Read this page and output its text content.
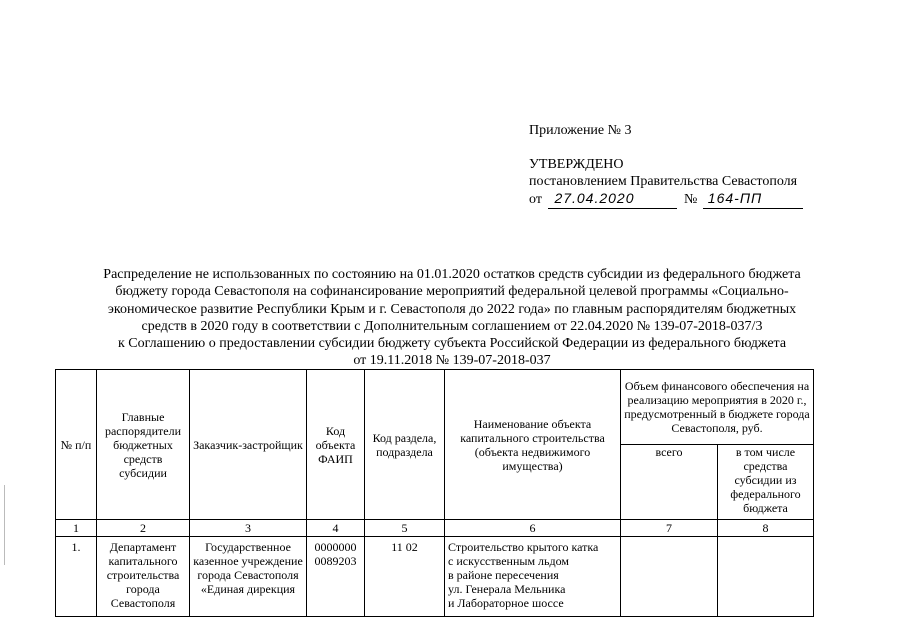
Приложение № 3
УТВЕРЖДЕНО
постановлением Правительства Севастополя
от 27.04.2020	№ 164-ПП
Распределение не использованных по состоянию на 01.01.2020 остатков средств субсидии из федерального бюджета
бюджету города Севастополя на софинансирование мероприятий федеральной целевой программы «Социально-
экономическое развитие Республики Крым и г. Севастополя до 2022 года» по главным распорядителям бюджетных
средств в 2020 году в соответствии с Дополнительным соглашением от 22.04.2020 № 139-07-2018-037/3
к Соглашению о предоставлении субсидии бюджету субъекта Российской Федерации из федерального бюджета
от 19.11.2018 № 139-07-2018-037
№ п/п	Главные распорядители бюджетных средств субсидии	Заказчик-застройщик	Код объекта ФАИП	Код раздела, подразделa	Наименование объекта капитального строительства (объекта недвижимого имущества)	Объем финансового обеспечения на реализацию мероприятия в 2020 г., предусмотренный в бюджете города Севастополя, руб.	
						всего	в том числе средства субсидии из федерального бюджета
1	2	3	4	5	6	7	8
1.	Департамент капитального строительства города Севастополя	Государственное казенное учреждение города Севастополя «Единая дирекция	0000000 0089203	11 02	Строительство крытого катка
с искусственным льдом
в районе пересечения
ул. Генерала Мельника
и Лабораторное шоссе		
